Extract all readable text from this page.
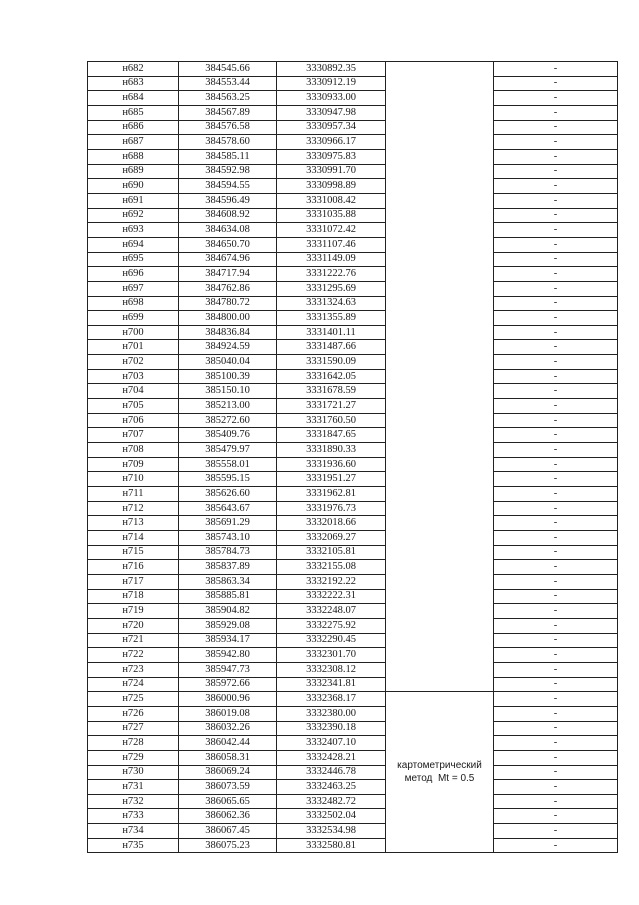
н682	384545.66	3330892.35		-
н683	384553.44	3330912.19		-
н684	384563.25	3330933.00		-
н685	384567.89	3330947.98		-
н686	384576.58	3330957.34		-
н687	384578.60	3330966.17		-
н688	384585.11	3330975.83		-
н689	384592.98	3330991.70		-
н690	384594.55	3330998.89		-
н691	384596.49	3331008.42		-
н692	384608.92	3331035.88		-
н693	384634.08	3331072.42		-
н694	384650.70	3331107.46		-
н695	384674.96	3331149.09		-
н696	384717.94	3331222.76		-
н697	384762.86	3331295.69		-
н698	384780.72	3331324.63		-
н699	384800.00	3331355.89		-
н700	384836.84	3331401.11		-
н701	384924.59	3331487.66		-
н702	385040.04	3331590.09		-
н703	385100.39	3331642.05		-
н704	385150.10	3331678.59		-
н705	385213.00	3331721.27		-
н706	385272.60	3331760.50		-
н707	385409.76	3331847.65		-
н708	385479.97	3331890.33		-
н709	385558.01	3331936.60		-
н710	385595.15	3331951.27		-
н711	385626.60	3331962.81		-
н712	385643.67	3331976.73		-
н713	385691.29	3332018.66		-
н714	385743.10	3332069.27		-
н715	385784.73	3332105.81		-
н716	385837.89	3332155.08		-
н717	385863.34	3332192.22		-
н718	385885.81	3332222.31		-
н719	385904.82	3332248.07		-
н720	385929.08	3332275.92		-
н721	385934.17	3332290.45		-
н722	385942.80	3332301.70		-
н723	385947.73	3332308.12		-
н724	385972.66	3332341.81		-
н725	386000.96	3332368.17	картометрический
метод  Mt = 0.5	-
н726	386019.08	3332380.00		-
н727	386032.26	3332390.18		-
н728	386042.44	3332407.10		-
н729	386058.31	3332428.21		-
н730	386069.24	3332446.78		-
н731	386073.59	3332463.25		-
н732	386065.65	3332482.72		-
н733	386062.36	3332502.04		-
н734	386067.45	3332534.98		-
н735	386075.23	3332580.81		-
